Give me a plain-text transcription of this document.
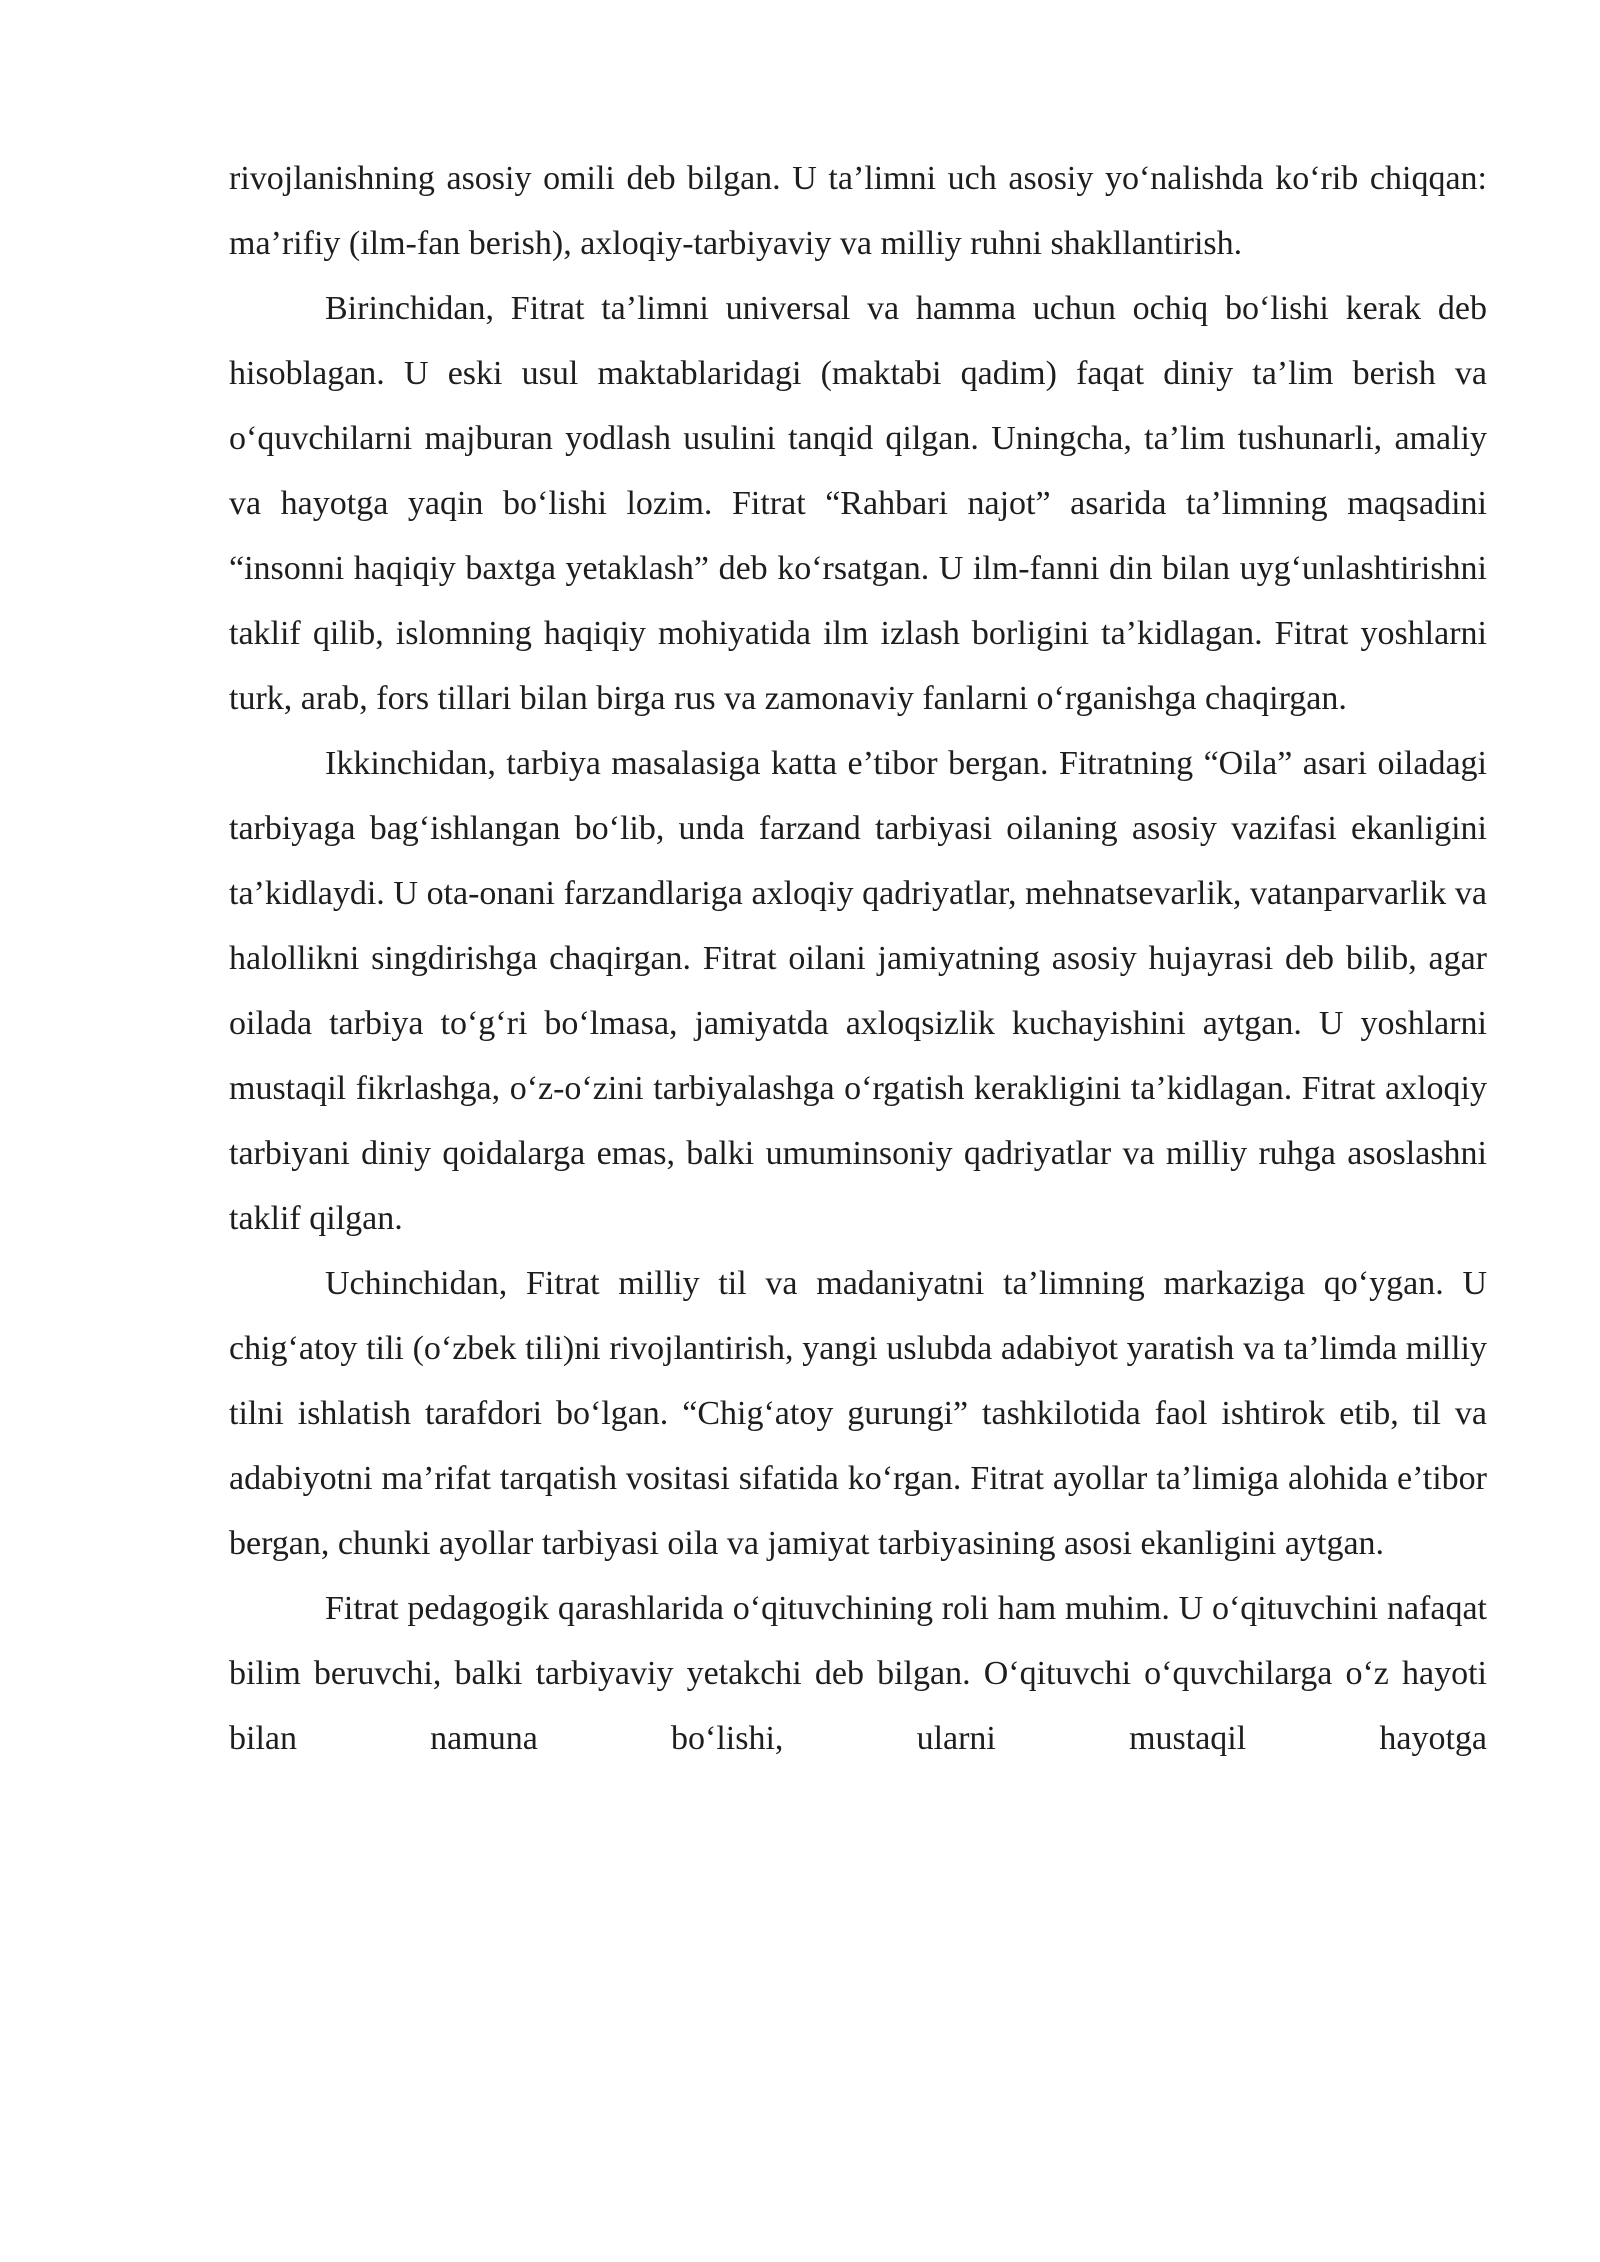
rivojlanishning asosiy omili deb bilgan. U ta’limni uch asosiy yo‘nalishda ko‘rib chiqqan: ma’rifiy (ilm-fan berish), axloqiy-tarbiyaviy va milliy ruhni shakllantirish.

Birinchidan, Fitrat ta’limni universal va hamma uchun ochiq bo‘lishi kerak deb hisoblagan. U eski usul maktablaridagi (maktabi qadim) faqat diniy ta’lim berish va o‘quvchilarni majburan yodlash usulini tanqid qilgan. Uningcha, ta’lim tushunarli, amaliy va hayotga yaqin bo‘lishi lozim. Fitrat “Rahbari najot” asarida ta’limning maqsadini “insonni haqiqiy baxtga yetaklash” deb ko‘rsatgan. U ilm-fanni din bilan uyg‘unlashtirishni taklif qilib, islomning haqiqiy mohiyatida ilm izlash borligini ta’kidlagan. Fitrat yoshlarni turk, arab, fors tillari bilan birga rus va zamonaviy fanlarni o‘rganishga chaqirgan.

Ikkinchidan, tarbiya masalasiga katta e’tibor bergan. Fitratning “Oila” asari oiladagi tarbiyaga bag‘ishlangan bo‘lib, unda farzand tarbiyasi oilaning asosiy vazifasi ekanligini ta’kidlaydi. U ota-onani farzandlariga axloqiy qadriyatlar, mehnatsevarlik, vatanparvarlik va halollikni singdirishga chaqirgan. Fitrat oilani jamiyatning asosiy hujayrasi deb bilib, agar oilada tarbiya to‘g‘ri bo‘lmasa, jamiyatda axloqsizlik kuchayishini aytgan. U yoshlarni mustaqil fikrlashga, o‘z-o‘zini tarbiyalashga o‘rgatish kerakligini ta’kidlagan. Fitrat axloqiy tarbiyani diniy qoidalarga emas, balki umuminsoniy qadriyatlar va milliy ruhga asoslashni taklif qilgan.

Uchinchidan, Fitrat milliy til va madaniyatni ta’limning markaziga qo‘ygan. U chig‘atoy tili (o‘zbek tili)ni rivojlantirish, yangi uslubda adabiyot yaratish va ta’limda milliy tilni ishlatish tarafdori bo‘lgan. “Chig‘atoy gurungi” tashkilotida faol ishtirok etib, til va adabiyotni ma’rifat tarqatish vositasi sifatida ko‘rgan. Fitrat ayollar ta’limiga alohida e’tibor bergan, chunki ayollar tarbiyasi oila va jamiyat tarbiyasining asosi ekanligini aytgan.

Fitrat pedagogik qarashlarida o‘qituvchining roli ham muhim. U o‘qituvchini nafaqat bilim beruvchi, balki tarbiyaviy yetakchi deb bilgan. O‘qituvchi o‘quvchilarga o‘z hayoti bilan namuna bo‘lishi, ularni mustaqil hayotga
